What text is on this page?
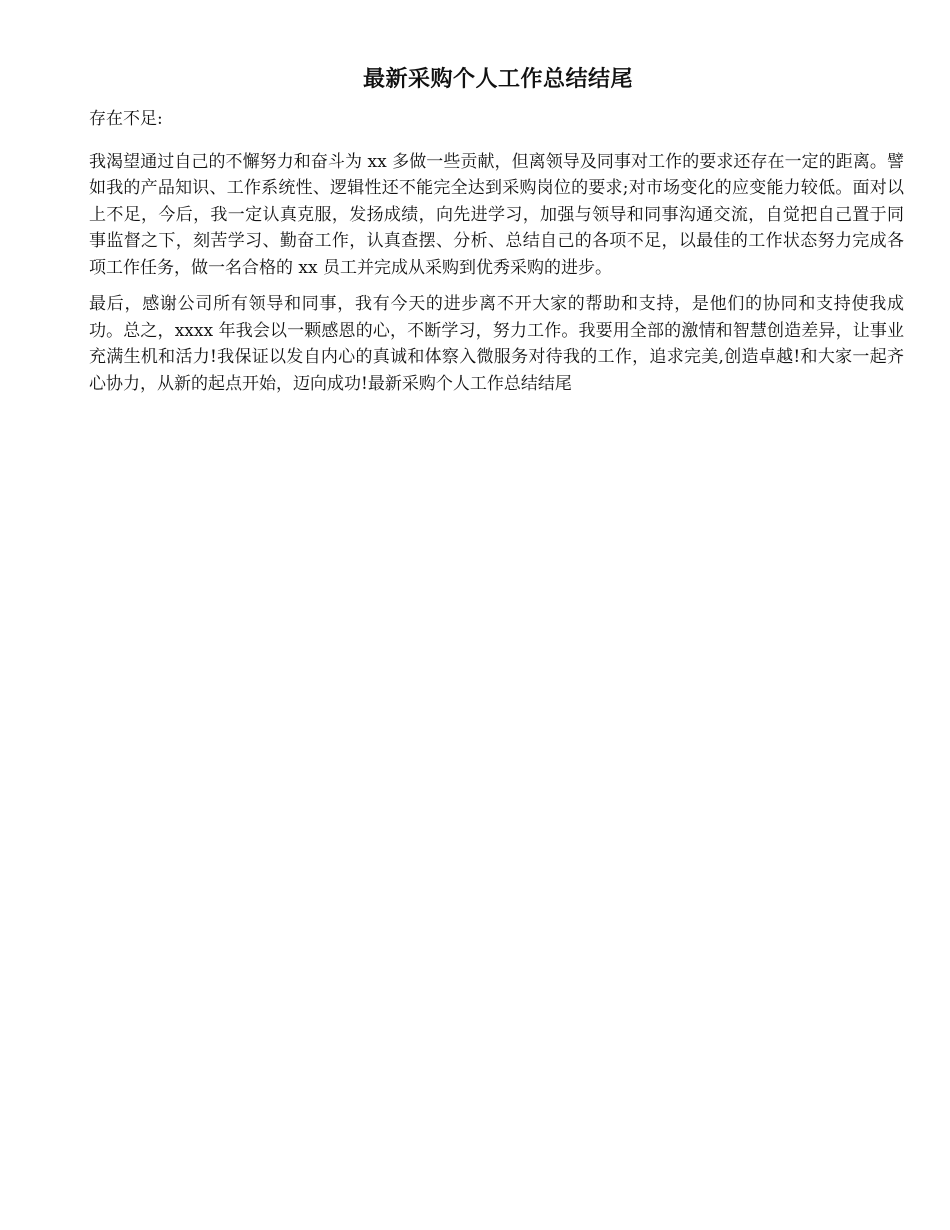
最新采购个人工作总结结尾

存在不足:

我渴望通过自己的不懈努力和奋斗为 xx 多做一些贡献，但离领导及同事对工作的要求还存在一定的距离。譬如我的产品知识、工作系统性、逻辑性还不能完全达到采购岗位的要求;对市场变化的应变能力较低。面对以上不足，今后，我一定认真克服，发扬成绩，向先进学习，加强与领导和同事沟通交流，自觉把自己置于同事监督之下，刻苦学习、勤奋工作，认真查摆、分析、总结自己的各项不足，以最佳的工作状态努力完成各项工作任务，做一名合格的 xx 员工并完成从采购到优秀采购的进步。

最后，感谢公司所有领导和同事，我有今天的进步离不开大家的帮助和支持，是他们的协同和支持使我成功。总之，xxxx 年我会以一颗感恩的心，不断学习，努力工作。我要用全部的激情和智慧创造差异，让事业充满生机和活力!我保证以发自内心的真诚和体察入微服务对待我的工作，追求完美,创造卓越!和大家一起齐心协力，从新的起点开始，迈向成功!最新采购个人工作总结结尾
